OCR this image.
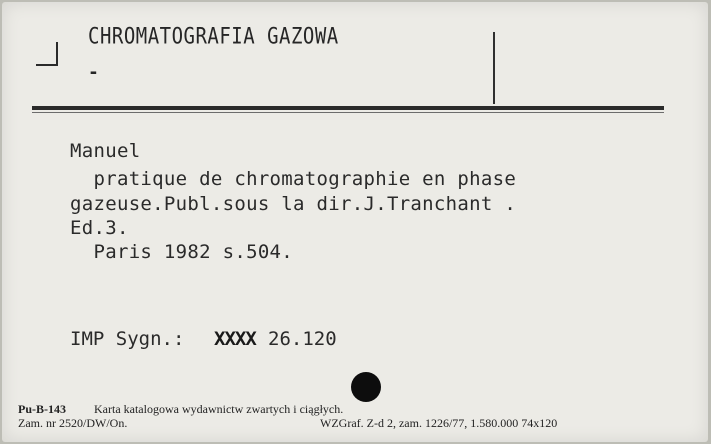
CHROMATOGRAFIA GAZOWA
-
Manuel
pratique de chromatographie en phase
gazeuse.Publ.sous la dir.J.Tranchant .
Ed.3.
Paris 1982 s.504.
IMP Sygn.: XXXX 26.120
Pu-B-143 Karta katalogowa wydawnictw zwartych i ciągłych.
Zam. nr 2520/DW/On.	WZGraf. Z-d 2, zam. 1226/77, 1.580.000 74x120
